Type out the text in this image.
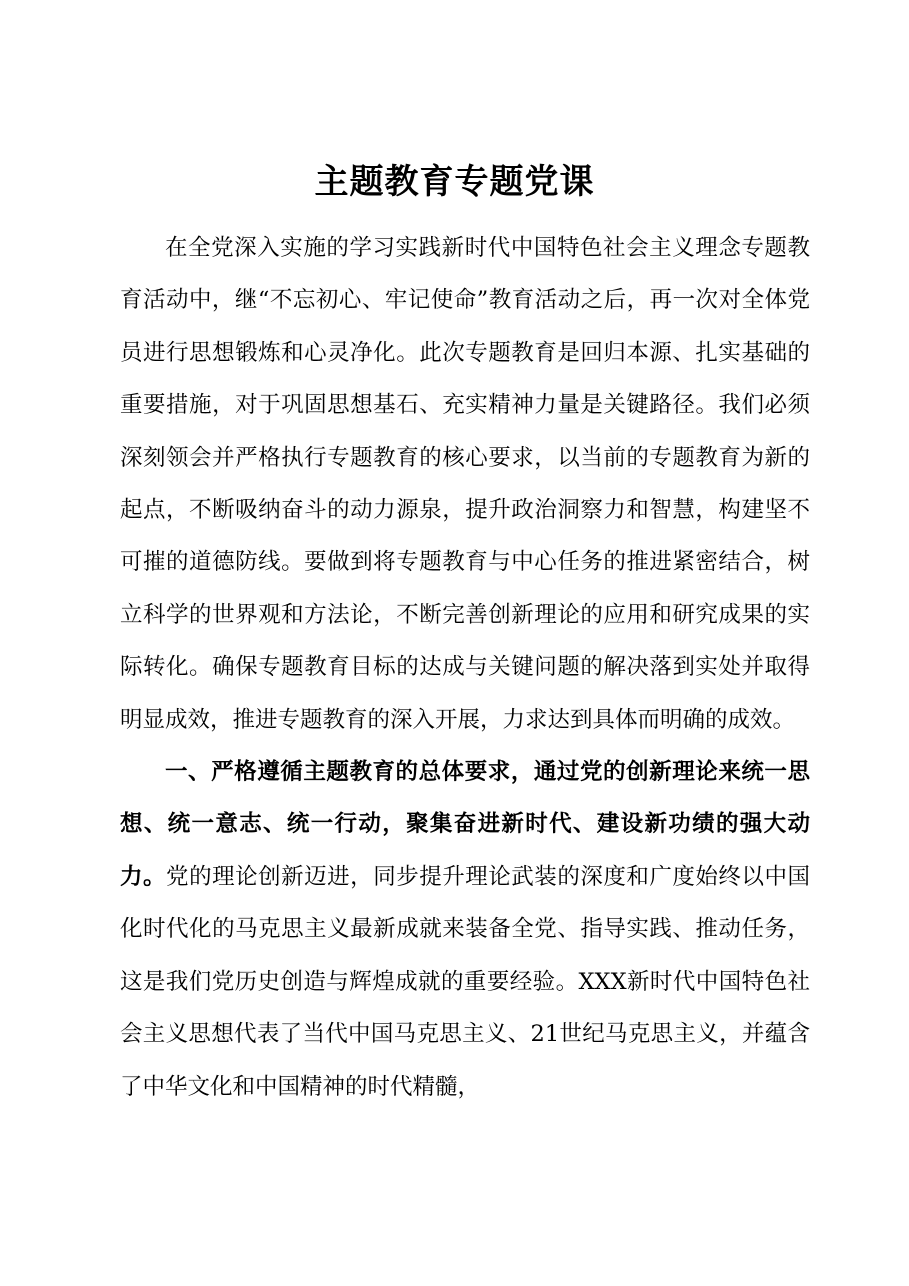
主题教育专题党课

在全党深入实施的学习实践新时代中国特色社会主义理念专题教育活动中，继“不忘初心、牢记使命”教育活动之后，再一次对全体党员进行思想锻炼和心灵净化。此次专题教育是回归本源、扎实基础的重要措施，对于巩固思想基石、充实精神力量是关键路径。我们必须深刻领会并严格执行专题教育的核心要求，以当前的专题教育为新的起点，不断吸纳奋斗的动力源泉，提升政治洞察力和智慧，构建坚不可摧的道德防线。要做到将专题教育与中心任务的推进紧密结合，树立科学的世界观和方法论，不断完善创新理论的应用和研究成果的实际转化。确保专题教育目标的达成与关键问题的解决落到实处并取得明显成效，推进专题教育的深入开展，力求达到具体而明确的成效。

一、严格遵循主题教育的总体要求，通过党的创新理论来统一思想、统一意志、统一行动，聚集奋进新时代、建设新功绩的强大动力。党的理论创新迈进，同步提升理论武装的深度和广度始终以中国化时代化的马克思主义最新成就来装备全党、指导实践、推动任务，这是我们党历史创造与辉煌成就的重要经验。XXX新时代中国特色社会主义思想代表了当代中国马克思主义、21世纪马克思主义，并蕴含了中华文化和中国精神的时代精髓，
